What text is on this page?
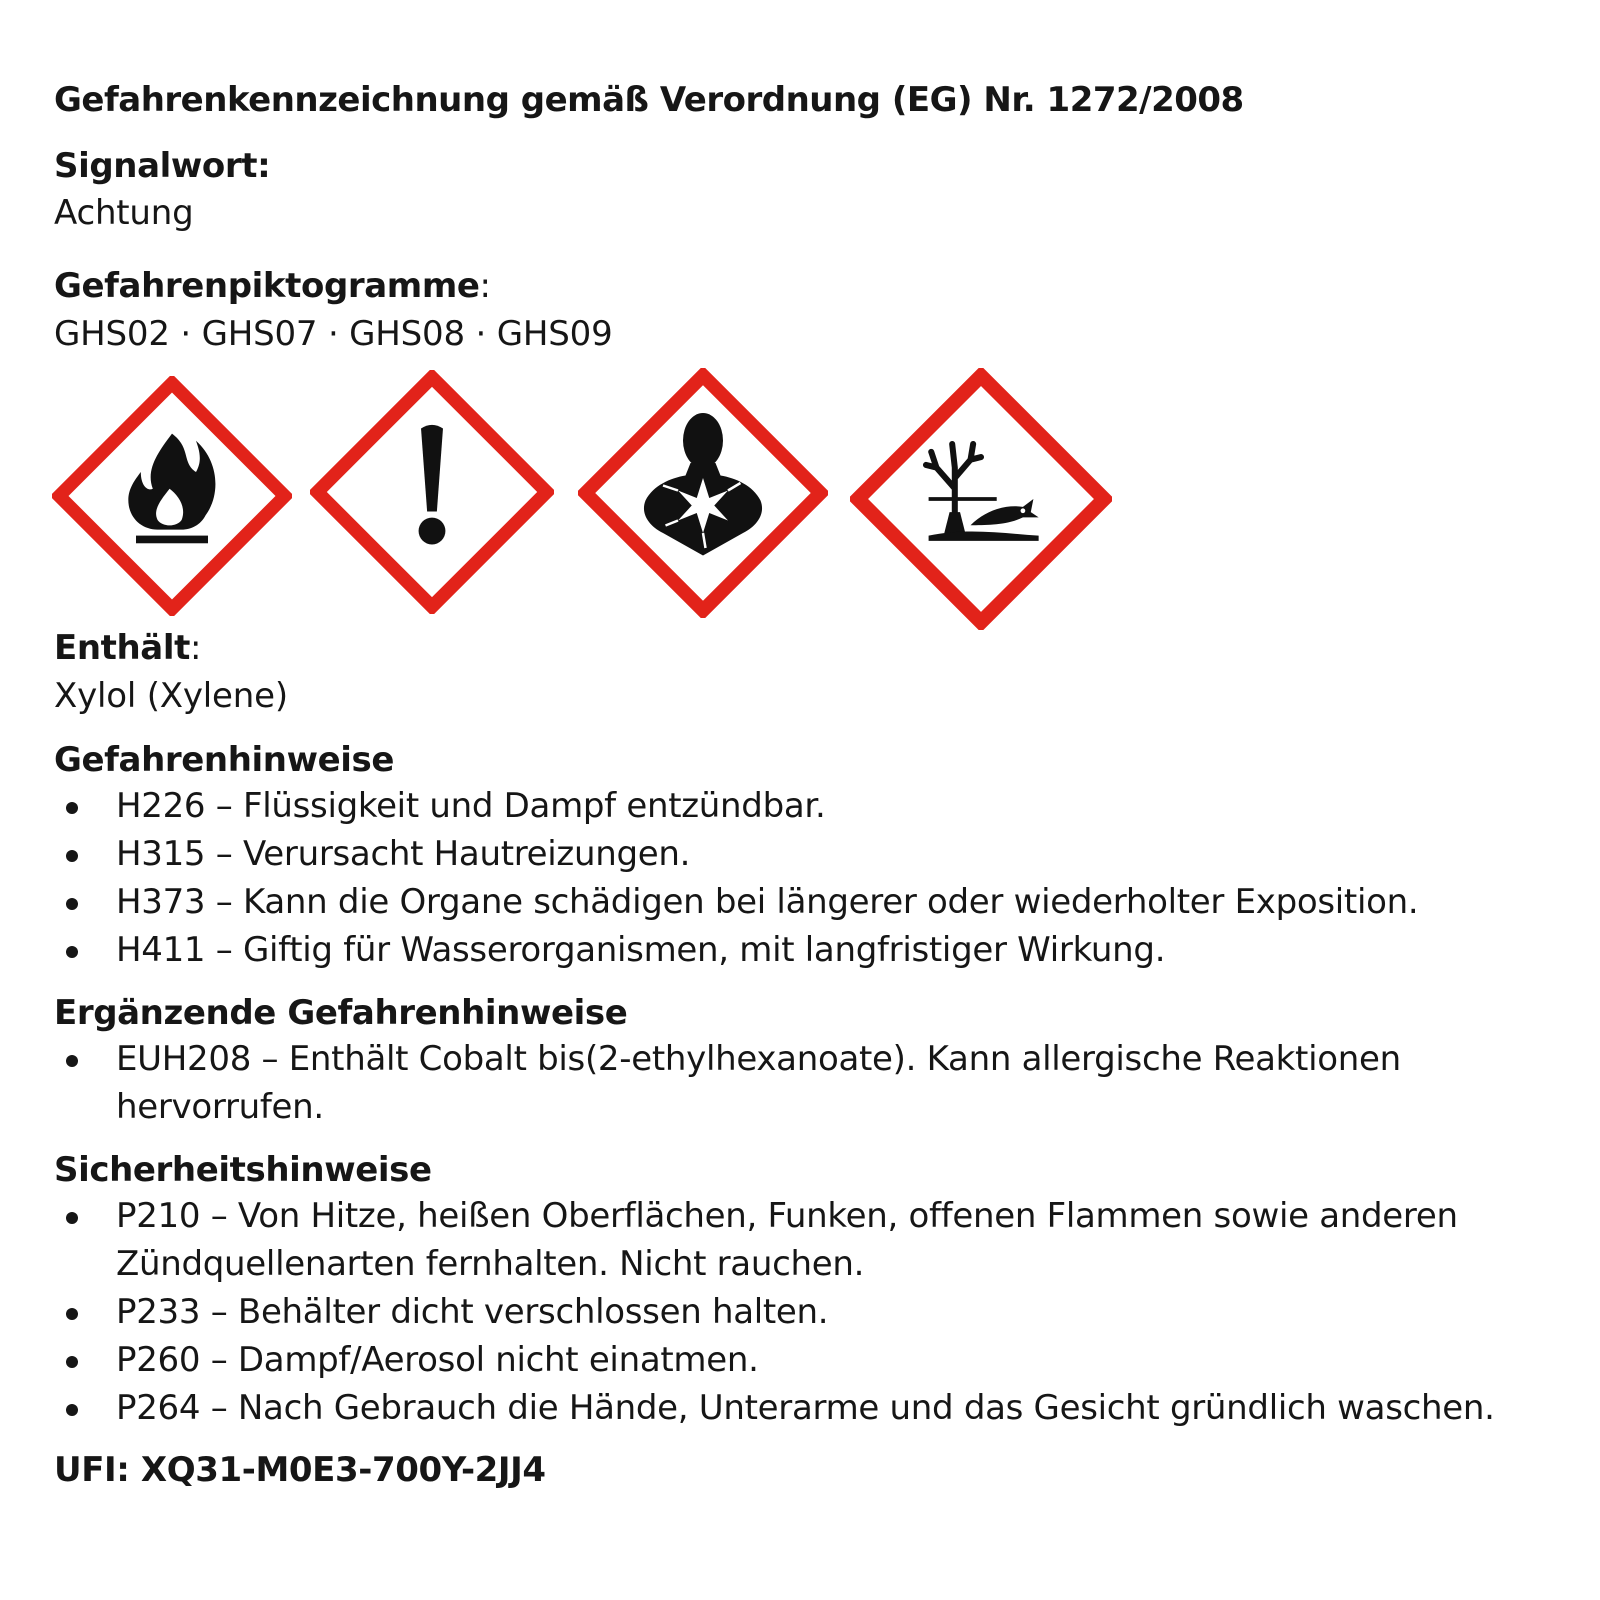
Gefahrenkennzeichnung gemäß Verordnung (EG) Nr. 1272/2008
Signalwort:
Achtung
Gefahrenpiktogramme:
GHS02 · GHS07 · GHS08 · GHS09
Enthält:
Xylol (Xylene)
Gefahrenhinweise
H226 – Flüssigkeit und Dampf entzündbar.
H315 – Verursacht Hautreizungen.
H373 – Kann die Organe schädigen bei längerer oder wiederholter Exposition.
H411 – Giftig für Wasserorganismen, mit langfristiger Wirkung.
Ergänzende Gefahrenhinweise
EUH208 – Enthält Cobalt bis(2-ethylhexanoate). Kann allergische Reaktionen
hervorrufen.
Sicherheitshinweise
P210 – Von Hitze, heißen Oberflächen, Funken, offenen Flammen sowie anderen
Zündquellenarten fernhalten. Nicht rauchen.
P233 – Behälter dicht verschlossen halten.
P260 – Dampf/Aerosol nicht einatmen.
P264 – Nach Gebrauch die Hände, Unterarme und das Gesicht gründlich waschen.
UFI: XQ31-M0E3-700Y-2JJ4
